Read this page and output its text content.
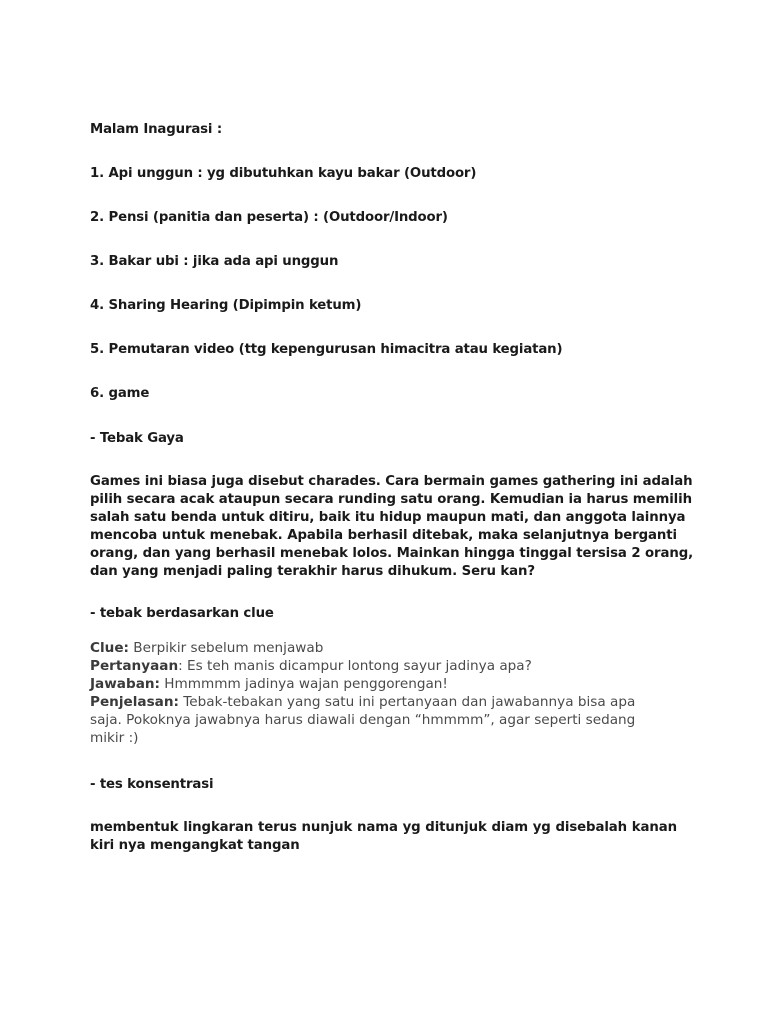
Malam Inagurasi :
1. Api unggun : yg dibutuhkan kayu bakar (Outdoor)
2. Pensi (panitia dan peserta) : (Outdoor/Indoor)
3. Bakar ubi : jika ada api unggun
4. Sharing Hearing (Dipimpin ketum)
5. Pemutaran video (ttg kepengurusan himacitra atau kegiatan)
6. game
- Tebak Gaya
Games ini biasa juga disebut charades. Cara bermain games gathering ini adalah
pilih secara acak ataupun secara runding satu orang. Kemudian ia harus memilih
salah satu benda untuk ditiru, baik itu hidup maupun mati, dan anggota lainnya
mencoba untuk menebak. Apabila berhasil ditebak, maka selanjutnya berganti
orang, dan yang berhasil menebak lolos. Mainkan hingga tinggal tersisa 2 orang,
dan yang menjadi paling terakhir harus dihukum. Seru kan?
- tebak berdasarkan clue
Clue: Berpikir sebelum menjawab
Pertanyaan: Es teh manis dicampur lontong sayur jadinya apa?
Jawaban: Hmmmmm jadinya wajan penggorengan!
Penjelasan: Tebak-tebakan yang satu ini pertanyaan dan jawabannya bisa apa
saja. Pokoknya jawabnya harus diawali dengan “hmmmm”, agar seperti sedang
mikir :)
- tes konsentrasi
membentuk lingkaran terus nunjuk nama yg ditunjuk diam yg disebalah kanan
kiri nya mengangkat tangan
